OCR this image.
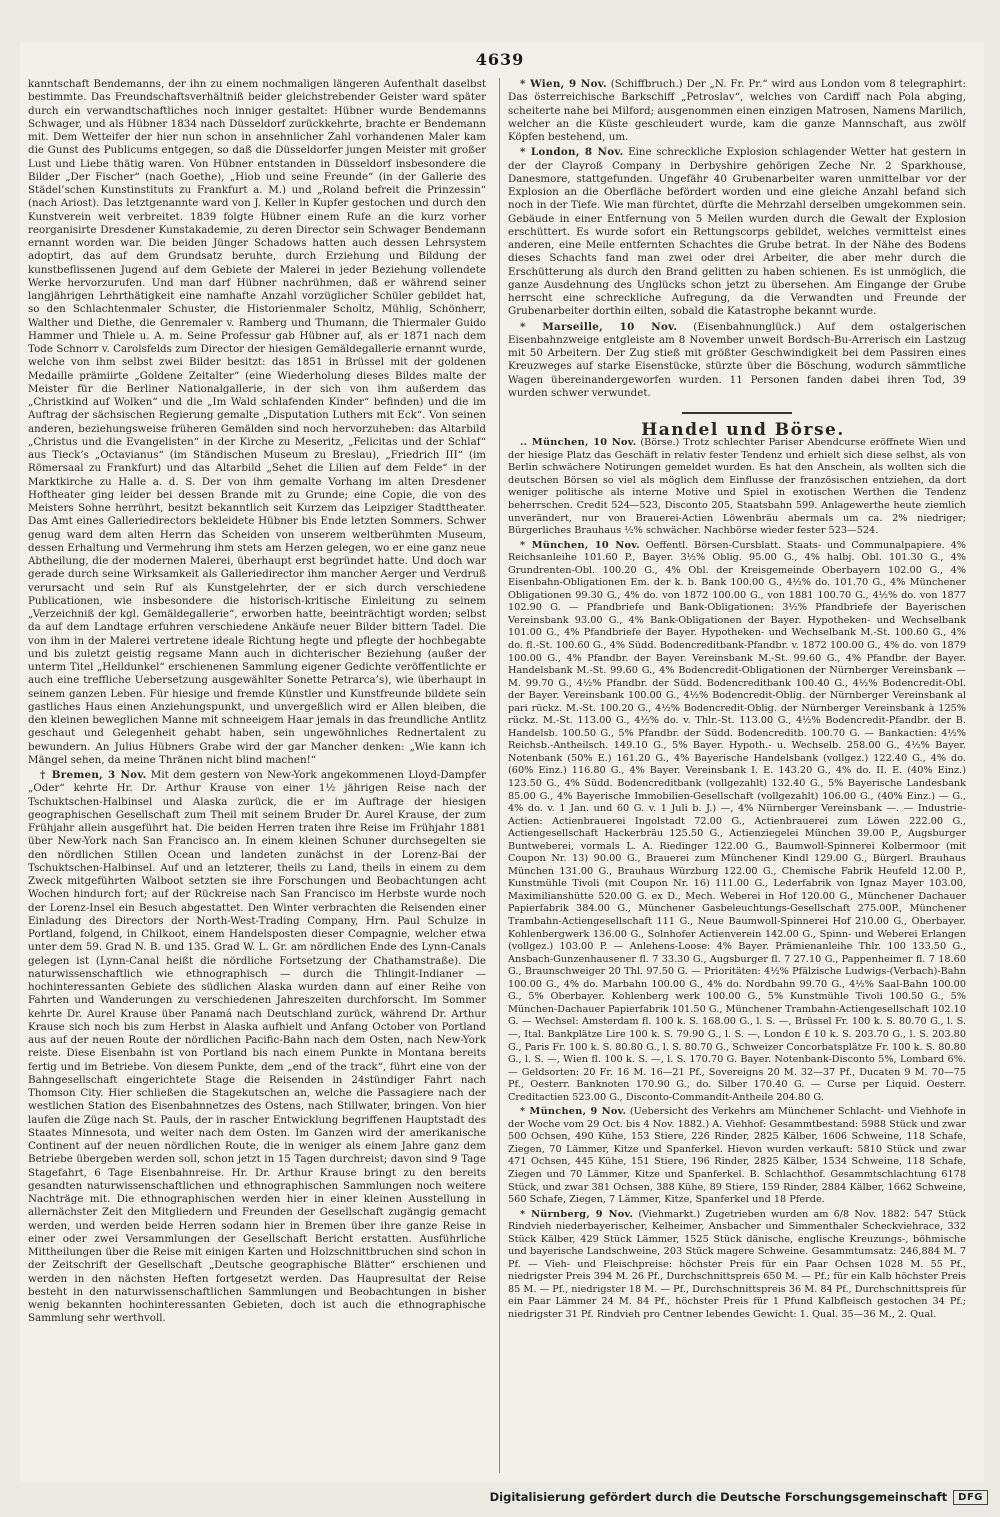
4639

kanntschaft Bendemanns, der ihn zu einem nochmaligen längeren Aufenthalt daselbst bestimmte. Das Freundschaftsverhältniß beider gleichstrebender Geister ward später durch ein verwandtschaftliches noch inniger gestaltet: Hübner wurde Bendemanns Schwager, und als Hübner 1834 nach Düsseldorf zurückkehrte, brachte er Bendemann mit. Dem Wetteifer der hier nun schon in ansehnlicher Zahl vorhandenen Maler kam die Gunst des Publicums entgegen, so daß die Düsseldorfer jungen Meister mit großer Lust und Liebe thätig waren. Von Hübner entstanden in Düsseldorf insbesondere die Bilder „Der Fischer“ (nach Goethe), „Hiob und seine Freunde“ (in der Gallerie des Städel’schen Kunstinstituts zu Frankfurt a. M.) und „Roland befreit die Prinzessin“ (nach Ariost). Das letztgenannte ward von J. Keller in Kupfer gestochen und durch den Kunstverein weit verbreitet. 1839 folgte Hübner einem Rufe an die kurz vorher reorganisirte Dresdener Kunstakademie, zu deren Director sein Schwager Bendemann ernannt worden war. Die beiden Jünger Schadows hatten auch dessen Lehrsystem adoptirt, das auf dem Grundsatz beruhte, durch Erziehung und Bildung der kunstbeflissenen Jugend auf dem Gebiete der Malerei in jeder Beziehung vollendete Werke hervorzurufen. Und man darf Hübner nachrühmen, daß er während seiner langjährigen Lehrthätigkeit eine namhafte Anzahl vorzüglicher Schüler gebildet hat, so den Schlachtenmaler Schuster, die Historienmaler Scholtz, Mühlig, Schönherr, Walther und Diethe, die Genremaler v. Ramberg und Thumann, die Thiermaler Guido Hammer und Thiele u. A. m. Seine Professur gab Hübner auf, als er 1871 nach dem Tode Schnorr v. Carolsfelds zum Director der hiesigen Gemäldegallerie ernannt wurde, welche von ihm selbst zwei Bilder besitzt: das 1851 in Brüssel mit der goldenen Medaille prämiirte „Goldene Zeitalter“ (eine Wiederholung dieses Bildes malte der Meister für die Berliner Nationalgallerie, in der sich von ihm außerdem das „Christkind auf Wolken“ und die „Im Wald schlafenden Kinder“ befinden) und die im Auftrag der sächsischen Regierung gemalte „Disputation Luthers mit Eck“. Von seinen anderen, beziehungsweise früheren Gemälden sind noch hervorzuheben: das Altarbild „Christus und die Evangelisten“ in der Kirche zu Meseritz, „Felicitas und der Schlaf“ aus Tieck’s „Octavianus“ (im Ständischen Museum zu Breslau), „Friedrich III“ (im Römersaal zu Frankfurt) und das Altarbild „Sehet die Lilien auf dem Felde“ in der Marktkirche zu Halle a. d. S. Der von ihm gemalte Vorhang im alten Dresdener Hoftheater ging leider bei dessen Brande mit zu Grunde; eine Copie, die von des Meisters Sohne herrührt, besitzt bekanntlich seit Kurzem das Leipziger Stadttheater. Das Amt eines Galleriedirectors bekleidete Hübner bis Ende letzten Sommers. Schwer genug ward dem alten Herrn das Scheiden von unserem weltberühmten Museum, dessen Erhaltung und Vermehrung ihm stets am Herzen gelegen, wo er eine ganz neue Abtheilung, die der modernen Malerei, überhaupt erst begründet hatte. Und doch war gerade durch seine Wirksamkeit als Galleriedirector ihm mancher Aerger und Verdruß verursacht und sein Ruf als Kunstgelehrter, der er sich durch verschiedene Publicationen, wie insbesondere die historisch-kritische Einleitung zu seinem „Verzeichniß der kgl. Gemäldegallerie“, erworben hatte, beeinträchtigt worden; selbst da auf dem Landtage erfuhren verschiedene Ankäufe neuer Bilder bittern Tadel. Die von ihm in der Malerei vertretene ideale Richtung hegte und pflegte der hochbegabte und bis zuletzt geistig regsame Mann auch in dichterischer Beziehung (außer der unterm Titel „Helldunkel“ erschienenen Sammlung eigener Gedichte veröffentlichte er auch eine treffliche Uebersetzung ausgewählter Sonette Petrarca’s), wie überhaupt in seinem ganzen Leben. Für hiesige und fremde Künstler und Kunstfreunde bildete sein gastliches Haus einen Anziehungspunkt, und unvergeßlich wird er Allen bleiben, die den kleinen beweglichen Manne mit schneeigem Haar jemals in das freundliche Antlitz geschaut und Gelegenheit gehabt haben, sein ungewöhnliches Rednertalent zu bewundern. An Julius Hübners Grabe wird der gar Mancher denken: „Wie kann ich Mängel sehen, da meine Thränen nicht blind machen!“

† Bremen, 3 Nov. Mit dem gestern von New-York angekommenen Lloyd-Dampfer „Oder“ kehrte Hr. Dr. Arthur Krause von einer 1½ jährigen Reise nach der Tschuktschen-Halbinsel und Alaska zurück, die er im Auftrage der hiesigen geographischen Gesellschaft zum Theil mit seinem Bruder Dr. Aurel Krause, der zum Frühjahr allein ausgeführt hat. Die beiden Herren traten ihre Reise im Frühjahr 1881 über New-York nach San Francisco an. In einem kleinen Schuner durchsegelten sie den nördlichen Stillen Ocean und landeten zunächst in der Lorenz-Bai der Tschuktschen-Halbinsel. Auf und an letzterer, theils zu Land, theils in einem zu dem Zweck mitgeführten Walboot setzten sie ihre Forschungen und Beobachtungen acht Wochen hindurch fort; auf der Rückreise nach San Francisco im Herbste wurde noch der Lorenz-Insel ein Besuch abgestattet. Den Winter verbrachten die Reisenden einer Einladung des Directors der North-West-Trading Company, Hrn. Paul Schulze in Portland, folgend, in Chilkoot, einem Handelsposten dieser Compagnie, welcher etwa unter dem 59. Grad N. B. und 135. Grad W. L. Gr. am nördlichen Ende des Lynn-Canals gelegen ist (Lynn-Canal heißt die nördliche Fortsetzung der Chathamstraße). Die naturwissenschaftlich wie ethnographisch — durch die Thlingit-Indianer — hochinteressanten Gebiete des südlichen Alaska wurden dann auf einer Reihe von Fahrten und Wanderungen zu verschiedenen Jahreszeiten durchforscht. Im Sommer kehrte Dr. Aurel Krause über Panamá nach Deutschland zurück, während Dr. Arthur Krause sich noch bis zum Herbst in Alaska aufhielt und Anfang October von Portland aus auf der neuen Route der nördlichen Pacific-Bahn nach dem Osten, nach New-York reiste. Diese Eisenbahn ist von Portland bis nach einem Punkte in Montana bereits fertig und im Betriebe. Von diesem Punkte, dem „end of the track“, führt eine von der Bahngesellschaft eingerichtete Stage die Reisenden in 24stündiger Fahrt nach Thomson City. Hier schließen die Stagekutschen an, welche die Passagiere nach der westlichen Station des Eisenbahnnetzes des Ostens, nach Stillwater, bringen. Von hier laufen die Züge nach St. Pauls, der in rascher Entwicklung begriffenen Hauptstadt des Staates Minnesota, und weiter nach dem Osten. Im Ganzen wird der amerikanische Continent auf der neuen nördlichen Route, die in weniger als einem Jahre ganz dem Betriebe übergeben werden soll, schon jetzt in 15 Tagen durchreist; davon sind 9 Tage Stagefahrt, 6 Tage Eisenbahnreise. Hr. Dr. Arthur Krause bringt zu den bereits gesandten naturwissenschaftlichen und ethnographischen Sammlungen noch weitere Nachträge mit. Die ethnographischen werden hier in einer kleinen Ausstellung in allernächster Zeit den Mitgliedern und Freunden der Gesellschaft zugängig gemacht werden, und werden beide Herren sodann hier in Bremen über ihre ganze Reise in einer oder zwei Versammlungen der Gesellschaft Bericht erstatten. Ausführliche Mittheilungen über die Reise mit einigen Karten und Holzschnittbruchen sind schon in der Zeitschrift der Gesellschaft „Deutsche geographische Blätter“ erschienen und werden in den nächsten Heften fortgesetzt werden. Das Haupresultat der Reise besteht in den naturwissenschaftlichen Sammlungen und Beobachtungen in bisher wenig bekannten hochinteressanten Gebieten, doch ist auch die ethnographische Sammlung sehr werthvoll.

* Wien, 9 Nov. (Schiffbruch.) Der „N. Fr. Pr.“ wird aus London vom 8 telegraphirt: Das österreichische Barkschiff „Petroslav“, welches von Cardiff nach Pola abging, scheiterte nahe bei Milford; ausgenommen einen einzigen Matrosen, Namens Marilich, welcher an die Küste geschleudert wurde, kam die ganze Mannschaft, aus zwölf Köpfen bestehend, um.

* London, 8 Nov. Eine schreckliche Explosion schlagender Wetter hat gestern in der der Clayroß Company in Derbyshire gehörigen Zeche Nr. 2 Sparkhouse, Danesmore, stattgefunden. Ungefähr 40 Grubenarbeiter waren unmittelbar vor der Explosion an die Oberfläche befördert worden und eine gleiche Anzahl befand sich noch in der Tiefe. Wie man fürchtet, dürfte die Mehrzahl derselben umgekommen sein. Gebäude in einer Entfernung von 5 Meilen wurden durch die Gewalt der Explosion erschüttert. Es wurde sofort ein Rettungscorps gebildet, welches vermittelst eines anderen, eine Meile entfernten Schachtes die Grube betrat. In der Nähe des Bodens dieses Schachts fand man zwei oder drei Arbeiter, die aber mehr durch die Erschütterung als durch den Brand gelitten zu haben schienen. Es ist unmöglich, die ganze Ausdehnung des Unglücks schon jetzt zu übersehen. Am Eingange der Grube herrscht eine schreckliche Aufregung, da die Verwandten und Freunde der Grubenarbeiter dorthin eilten, sobald die Katastrophe bekannt wurde.

* Marseille, 10 Nov. (Eisenbahnunglück.) Auf dem ostalgerischen Eisenbahnzweige entgleiste am 8 November unweit Bordsch-Bu-Arrerisch ein Lastzug mit 50 Arbeitern. Der Zug stieß mit größter Geschwindigkeit bei dem Passiren eines Kreuzweges auf starke Eisenstücke, stürzte über die Böschung, wodurch sämmtliche Wagen übereinandergeworfen wurden. 11 Personen fanden dabei ihren Tod, 39 wurden schwer verwundet.

Handel und Börse.

.. München, 10 Nov. (Börse.) Trotz schlechter Pariser Abendcurse eröffnete Wien und der hiesige Platz das Geschäft in relativ fester Tendenz und erhielt sich diese selbst, als von Berlin schwächere Notirungen gemeldet wurden. Es hat den Anschein, als wollten sich die deutschen Börsen so viel als möglich dem Einflusse der französischen entziehen, da dort weniger politische als interne Motive und Spiel in exotischen Werthen die Tendenz beherrschen. Credit 524—523, Disconto 205, Staatsbahn 599. Anlagewerthe heute ziemlich unverändert, nur von Brauerei-Actien Löwenbräu abermals um ca. 2% niedriger; Bürgerliches Brauhaus ½% schwächer. Nachbörse wieder fester 523—524.

* München, 10 Nov. Oeffentl. Börsen-Cursblatt. Staats- und Communalpapiere. 4% Reichsanleihe 101.60 P., Bayer. 3½% Oblig. 95.00 G., 4% halbj. Obl. 101.30 G., 4% Grundrenten-Obl. 100.20 G., 4% Obl. der Kreisgemeinde Oberbayern 102.00 G., 4% Eisenbahn-Obligationen Em. der k. b. Bank 100.00 G., 4½% do. 101.70 G., 4% Münchener Obligationen 99.30 G., 4% do. von 1872 100.00 G., von 1881 100.70 G., 4½% do. von 1877 102.90 G. — Pfandbriefe und Bank-Obligationen: 3½% Pfandbriefe der Bayerischen Vereinsbank 93.00 G., 4% Bank-Obligationen der Bayer. Hypotheken- und Wechselbank 101.00 G., 4% Pfandbriefe der Bayer. Hypotheken- und Wechselbank M.-St. 100.60 G., 4% do. fl.-St. 100.60 G., 4% Südd. Bodencreditbank-Pfandbr. v. 1872 100.00 G., 4% do. von 1879 100.00 G., 4% Pfandbr. der Bayer. Vereinsbank M.-St. 99.60 G., 4% Pfandbr. der Bayer. Handelsbank M.-St. 99.60 G., 4% Bodencredit-Obligationen der Nürnberger Vereinsbank — M. 99.70 G., 4½% Pfandbr. der Südd. Bodencreditbank 100.40 G., 4½% Bodencredit-Obl. der Bayer. Vereinsbank 100.00 G., 4½% Bodencredit-Oblig. der Nürnberger Vereinsbank al pari rückz. M.-St. 100.20 G., 4½% Bodencredit-Oblig. der Nürnberger Vereinsbank à 125% rückz. M.-St. 113.00 G., 4½% do. v. Thlr.-St. 113.00 G., 4½% Bodencredit-Pfandbr. der B. Handelsb. 100.50 G., 5% Pfandbr. der Südd. Bodencreditb. 100.70 G. — Bankactien: 4½% Reichsb.-Antheilsch. 149.10 G., 5% Bayer. Hypoth.- u. Wechselb. 258.00 G., 4½% Bayer. Notenbank (50% E.) 161.20 G., 4% Bayerische Handelsbank (vollgez.) 122.40 G., 4% do. (60% Einz.) 116.80 G., 4% Bayer. Vereinsbank I. E. 143.20 G., 4% do. II. E. (40% Einz.) 123.50 G., 4% Südd. Bodencreditbank (vollgezahlt) 132.40 G., 5% Bayerische Landesbank 85.00 G., 4% Bayerische Immobilien-Gesellschaft (vollgezahlt) 106.00 G., (40% Einz.) — G., 4% do. v. 1 Jan. und 60 G. v. 1 Juli b. J.) —, 4% Nürnberger Vereinsbank —. — Industrie-Actien: Actienbrauerei Ingolstadt 72.00 G., Actienbrauerei zum Löwen 222.00 G., Actiengesellschaft Hackerbräu 125.50 G., Actienziegelei München 39.00 P., Augsburger Buntweberei, vormals L. A. Riedinger 122.00 G., Baumwoll-Spinnerei Kolbermoor (mit Coupon Nr. 13) 90.00 G., Brauerei zum Münchener Kindl 129.00 G., Bürgerl. Brauhaus München 131.00 G., Brauhaus Würzburg 122.00 G., Chemische Fabrik Heufeld 12.00 P., Kunstmühle Tivoli (mit Coupon Nr. 16) 111.00 G., Lederfabrik von Ignaz Mayer 103.00, Maximilianshütte 520.00 G. ex D., Mech. Weberei in Hof 120.00 G., Münchener Dachauer Papierfabrik 384.00 G., Münchener Gasbeleuchtungs-Gesellschaft 275.00P., Münchener Trambahn-Actiengesellschaft 111 G., Neue Baumwoll-Spinnerei Hof 210.00 G., Oberbayer. Kohlenbergwerk 136.00 G., Solnhofer Actienverein 142.00 G., Spinn- und Weberei Erlangen (vollgez.) 103.00 P. — Anlehens-Loose: 4% Bayer. Prämienanleihe Thlr. 100 133.50 G., Ansbach-Gunzenhausener fl. 7 33.30 G., Augsburger fl. 7 27.10 G., Pappenheimer fl. 7 18.60 G., Braunschweiger 20 Thl. 97.50 G. — Prioritäten: 4½% Pfälzische Ludwigs-(Verbach)-Bahn 100.00 G., 4% do. Marbahn 100.00 G., 4% do. Nordbahn 99.70 G., 4½% Saal-Bahn 100.00 G., 5% Oberbayer. Kohlenberg werk 100.00 G., 5% Kunstmühle Tivoli 100.50 G., 5% München-Dachauer Papierfabrik 101.50 G., Münchener Trambahn-Actiengesellschaft 102.10 G. — Wechsel: Amsterdam fl. 100 k. S. 168.00 G., l. S. —, Brüssel Fr. 100 k. S. 80.70 G., l. S. —, Ital. Bankplätze Lire 100 k. S. 79.90 G., l. S. —, London £ 10 k. S. 203.70 G., l. S. 203.80 G., Paris Fr. 100 k. S. 80.80 G., l. S. 80.70 G., Schweizer Concorbatsplätze Fr. 100 k. S. 80.80 G., l. S. —, Wien fl. 100 k. S. —, l. S. 170.70 G. Bayer. Notenbank-Disconto 5%, Lombard 6%. — Geldsorten: 20 Fr. 16 M. 16—21 Pf., Sovereigns 20 M. 32—37 Pf., Ducaten 9 M. 70—75 Pf., Oesterr. Banknoten 170.90 G., do. Silber 170.40 G. — Curse per Liquid. Oesterr. Creditactien 523.00 G., Disconto-Commandit-Antheile 204.80 G.

* München, 9 Nov. (Uebersicht des Verkehrs am Münchener Schlacht- und Viehhofe in der Woche vom 29 Oct. bis 4 Nov. 1882.) A. Viehhof: Gesammtbestand: 5988 Stück und zwar 500 Ochsen, 490 Kühe, 153 Stiere, 226 Rinder, 2825 Kälber, 1606 Schweine, 118 Schafe, Ziegen, 70 Lämmer, Kitze und Spanferkel. Hievon wurden verkauft: 5810 Stück und zwar 471 Ochsen, 445 Kühe, 151 Stiere, 196 Rinder, 2825 Kälber, 1534 Schweine, 118 Schafe, Ziegen und 70 Lämmer, Kitze und Spanferkel. B. Schlachthof. Gesammtschlachtung 6178 Stück, und zwar 381 Ochsen, 388 Kühe, 89 Stiere, 159 Rinder, 2884 Kälber, 1662 Schweine, 560 Schafe, Ziegen, 7 Lämmer, Kitze, Spanferkel und 18 Pferde.

* Nürnberg, 9 Nov. (Viehmarkt.) Zugetrieben wurden am 6/8 Nov. 1882: 547 Stück Rindvieh niederbayerischer, Kelheimer, Ansbacher und Simmenthaler Scheckviehrace, 332 Stück Kälber, 429 Stück Lämmer, 1525 Stück dänische, englische Kreuzungs-, böhmische und bayerische Landschweine, 203 Stück magere Schweine. Gesammtumsatz: 246,884 M. 7 Pf. — Vieh- und Fleischpreise: höchster Preis für ein Paar Ochsen 1028 M. 55 Pf., niedrigster Preis 394 M. 26 Pf., Durchschnittspreis 650 M. — Pf.; für ein Kalb höchster Preis 85 M. — Pf., niedrigster 18 M. — Pf., Durchschnittspreis 36 M. 84 Pf., Durchschnittspreis für ein Paar Lämmer 24 M. 84 Pf., höchster Preis für 1 Pfund Kalbfleisch gestochen 34 Pf.; niedrigster 31 Pf. Rindvieh pro Centner lebendes Gewicht: 1. Qual. 35—36 M., 2. Qual.

Digitalisierung gefördert durch die Deutsche Forschungsgemeinschaft DFG
